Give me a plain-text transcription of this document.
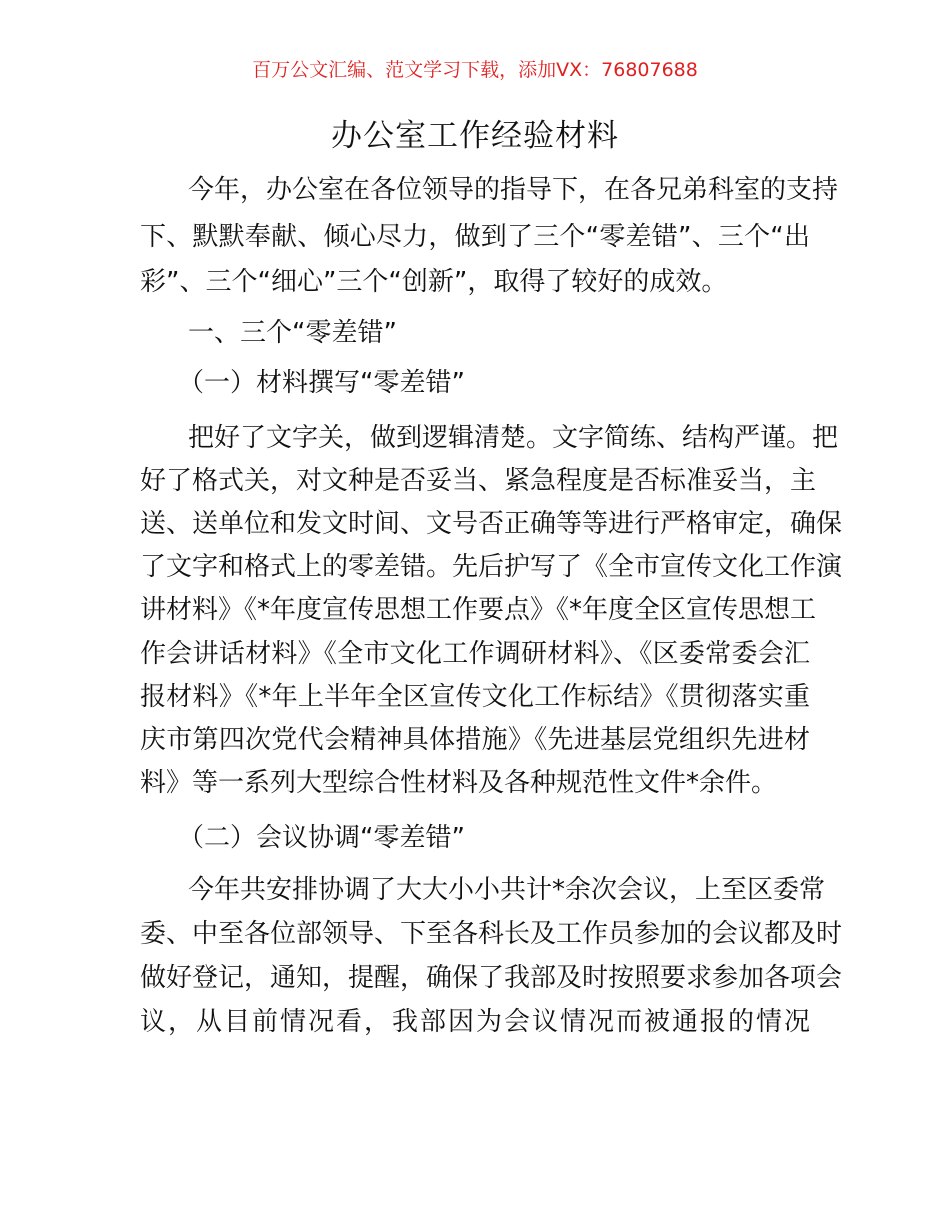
百万公文汇编、范文学习下载，添加VX：76807688
办公室工作经验材料
今年，办公室在各位领导的指导下，在各兄弟科室的支持
下、默默奉献、倾心尽力，做到了三个“零差错”、三个“出
彩”、三个“细心”三个“创新”，取得了较好的成效。
一、三个“零差错”
（一）材料撰写“零差错”
把好了文字关，做到逻辑清楚。文字简练、结构严谨。把
好了格式关，对文种是否妥当、紧急程度是否标准妥当，主
送、送单位和发文时间、文号否正确等等进行严格审定，确保
了文字和格式上的零差错。先后护写了《全市宣传文化工作演
讲材料》《*年度宣传思想工作要点》《*年度全区宣传思想工
作会讲话材料》《全市文化工作调研材料》、《区委常委会汇
报材料》《*年上半年全区宣传文化工作标结》《贯彻落实重
庆市第四次党代会精神具体措施》《先进基层党组织先进材
料》等一系列大型综合性材料及各种规范性文件*余件。
（二）会议协调“零差错”
今年共安排协调了大大小小共计*余次会议，上至区委常
委、中至各位部领导、下至各科长及工作员参加的会议都及时
做好登记，通知，提醒，确保了我部及时按照要求参加各项会
议，从目前情况看，我部因为会议情况而被通报的情况
